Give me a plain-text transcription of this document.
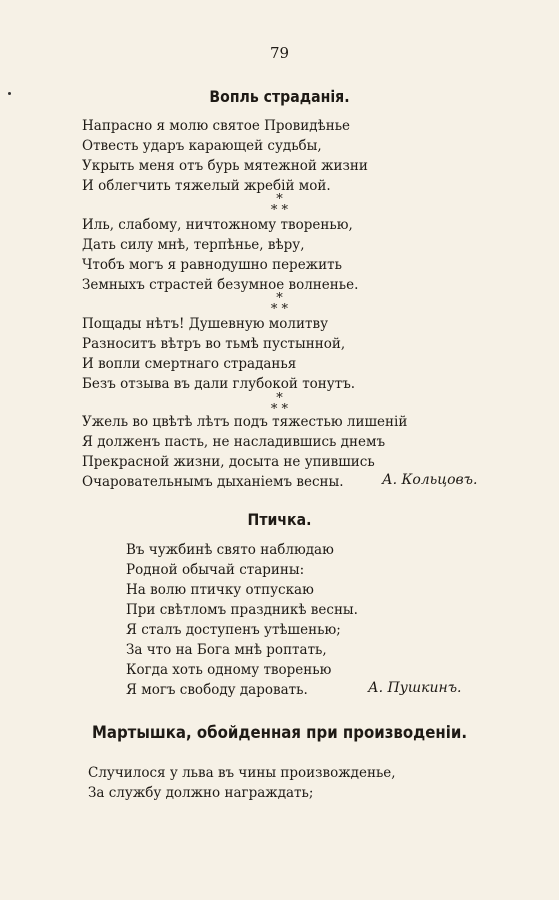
79
Вопль страданія.
Напрасно я молю святое Провидѣнье
Отвесть ударъ карающей судьбы,
Укрыть меня отъ бурь мятежной жизни
И облегчить тяжелый жребій мой.
*
* *
Иль, слабому, ничтожному творенью,
Дать силу мнѣ, терпѣнье, вѣру,
Чтобъ могъ я равнодушно пережить
Земныхъ страстей безумное волненье.
*
* *
Пощады нѣтъ! Душевную молитву
Разноситъ вѣтръ во тьмѣ пустынной,
И вопли смертнаго страданья
Безъ отзыва въ дали глубокой тонутъ.
*
* *
Ужель во цвѣтѣ лѣтъ подъ тяжестью лишеній
Я долженъ пасть, не насладившись днемъ
Прекрасной жизни, досыта не упившись
Очаровательнымъ дыханіемъ весны.	А. Кольцовъ.
Птичка.
Въ чужбинѣ свято наблюдаю
Родной обычай старины:
На волю птичку отпускаю
При свѣтломъ праздникѣ весны.
Я сталъ доступенъ утѣшенью;
За что на Бога мнѣ роптать,
Когда хоть одному творенью
Я могъ свободу даровать.	А. Пушкинъ.
Мартышка, обойденная при производеніи.
Случилося у льва въ чины произвожденье,
За службу должно награждать;
